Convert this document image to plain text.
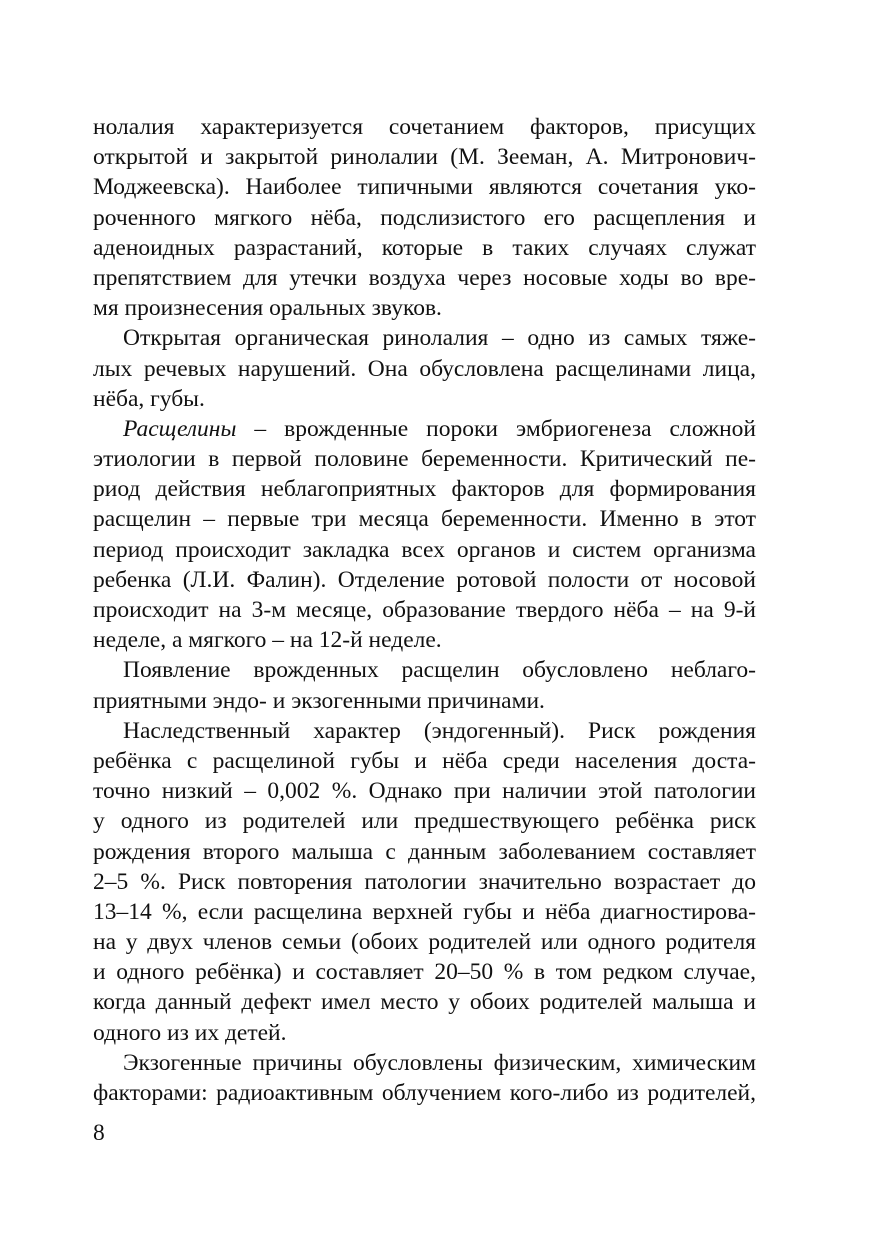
нолалия характеризуется сочетанием факторов, присущих
открытой и закрытой ринолалии (М. Зееман, А. Митронович-
Моджеевска). Наиболее типичными являются сочетания уко-
роченного мягкого нёба, подслизистого его расщепления и
аденоидных разрастаний, которые в таких случаях служат
препятствием для утечки воздуха через носовые ходы во вре-
мя произнесения оральных звуков.
Открытая органическая ринолалия – одно из самых тяже-
лых речевых нарушений. Она обусловлена расщелинами лица,
нёба, губы.
Расщелины – врожденные пороки эмбриогенеза сложной
этиологии в первой половине беременности. Критический пе-
риод действия неблагоприятных факторов для формирования
расщелин – первые три месяца беременности. Именно в этот
период происходит закладка всех органов и систем организма
ребенка (Л.И. Фалин). Отделение ротовой полости от носовой
происходит на 3-м месяце, образование твердого нёба – на 9-й
неделе, а мягкого – на 12-й неделе.
Появление врожденных расщелин обусловлено неблаго-
приятными эндо- и экзогенными причинами.
Наследственный характер (эндогенный). Риск рождения
ребёнка с расщелиной губы и нёба среди населения доста-
точно низкий – 0,002 %. Однако при наличии этой патологии
у одного из родителей или предшествующего ребёнка риск
рождения второго малыша с данным заболеванием составляет
2–5 %. Риск повторения патологии значительно возрастает до
13–14 %, если расщелина верхней губы и нёба диагностирова-
на у двух членов семьи (обоих родителей или одного родителя
и одного ребёнка) и составляет 20–50 % в том редком случае,
когда данный дефект имел место у обоих родителей малыша и
одного из их детей.
Экзогенные причины обусловлены физическим, химическим
факторами: радиоактивным облучением кого-либо из родителей,
8
